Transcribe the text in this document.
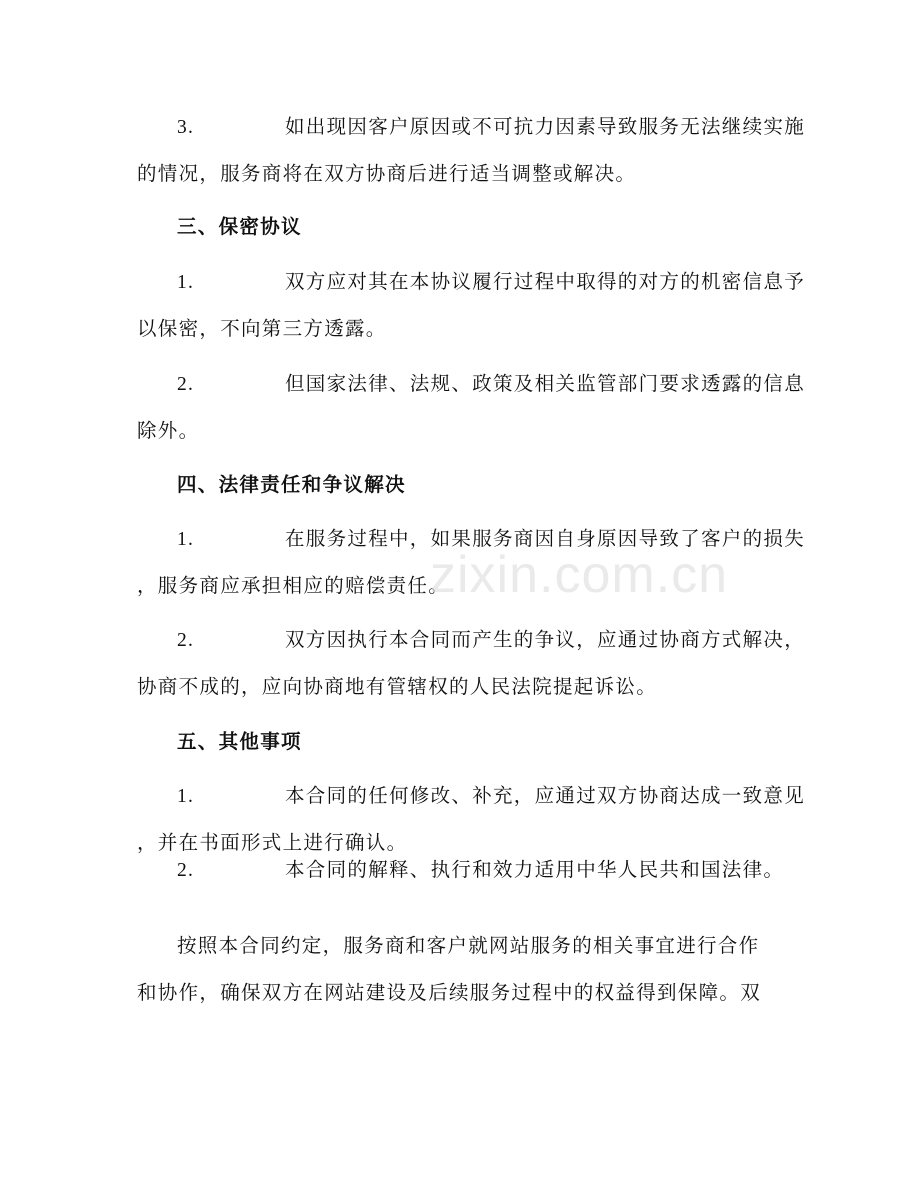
3.	如出现因客户原因或不可抗力因素导致服务无法继续实施
的情况，服务商将在双方协商后进行适当调整或解决。
三、保密协议
1.	双方应对其在本协议履行过程中取得的对方的机密信息予
以保密，不向第三方透露。
2.	但国家法律、法规、政策及相关监管部门要求透露的信息
除外。
四、法律责任和争议解决
1.	在服务过程中，如果服务商因自身原因导致了客户的损失
，服务商应承担相应的赔偿责任。
2.	双方因执行本合同而产生的争议，应通过协商方式解决，
协商不成的，应向协商地有管辖权的人民法院提起诉讼。
五、其他事项
1.	本合同的任何修改、补充，应通过双方协商达成一致意见
，并在书面形式上进行确认。
2.	本合同的解释、执行和效力适用中华人民共和国法律。
按照本合同约定，服务商和客户就网站服务的相关事宜进行合作
和协作，确保双方在网站建设及后续服务过程中的权益得到保障。双
zixin.com.cn
